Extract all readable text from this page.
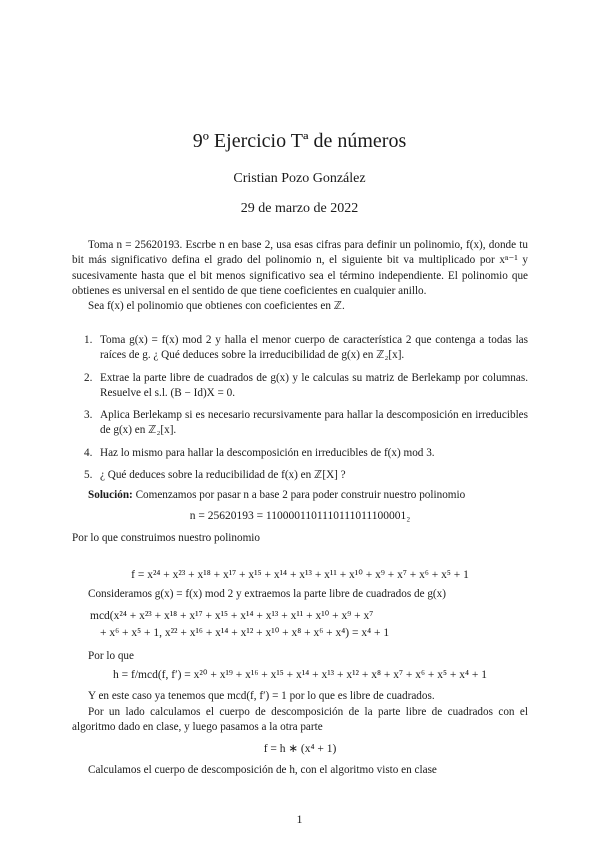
9º Ejercicio Tª de números
Cristian Pozo González
29 de marzo de 2022

Toma n = 25620193. Escrbe n en base 2, usa esas cifras para definir un polinomio, f(x), donde tu bit más significativo defina el grado del polinomio n, el siguiente bit va multiplicado por xⁿ⁻¹ y sucesivamente hasta que el bit menos significativo sea el término independiente. El polinomio que obtienes es universal en el sentido de que tiene coeficientes en cualquier anillo.

Sea f(x) el polinomio que obtienes con coeficientes en ℤ.

1. Toma g(x) = f(x) mod 2 y halla el menor cuerpo de característica 2 que contenga a todas las raíces de g. ¿ Qué deduces sobre la irreducibilidad de g(x) en ℤ₂[x].
2. Extrae la parte libre de cuadrados de g(x) y le calculas su matriz de Berlekamp por columnas. Resuelve el s.l. (B − Id)X = 0.
3. Aplica Berlekamp si es necesario recursivamente para hallar la descomposición en irreducibles de g(x) en ℤ₂[x].
4. Haz lo mismo para hallar la descomposición en irreducibles de f(x) mod 3.
5. ¿ Qué deduces sobre la reducibilidad de f(x) en ℤ[X] ?
Solución: Comenzamos por pasar n a base 2 para poder construir nuestro polinomio
n = 25620193 = 1100001101110111011100001₂
Por lo que construimos nuestro polinomio
f = x²⁴ + x²³ + x¹⁸ + x¹⁷ + x¹⁵ + x¹⁴ + x¹³ + x¹¹ + x¹⁰ + x⁹ + x⁷ + x⁶ + x⁵ + 1
Consideramos g(x) = f(x) mod 2 y extraemos la parte libre de cuadrados de g(x)
mcd(x²⁴ + x²³ + x¹⁸ + x¹⁷ + x¹⁵ + x¹⁴ + x¹³ + x¹¹ + x¹⁰ + x⁹ + x⁷
+ x⁶ + x⁵ + 1, x²² + x¹⁶ + x¹⁴ + x¹² + x¹⁰ + x⁸ + x⁶ + x⁴) = x⁴ + 1
Por lo que
h = f/mcd(f, f′) = x²⁰ + x¹⁹ + x¹⁶ + x¹⁵ + x¹⁴ + x¹³ + x¹² + x⁸ + x⁷ + x⁶ + x⁵ + x⁴ + 1
Y en este caso ya tenemos que mcd(f, f′) = 1 por lo que es libre de cuadrados.

Por un lado calculamos el cuerpo de descomposición de la parte libre de cuadrados con el algoritmo dado en clase, y luego pasamos a la otra parte

f = h ∗ (x⁴ + 1)
Calculamos el cuerpo de descomposición de h, con el algoritmo visto en clase
1
